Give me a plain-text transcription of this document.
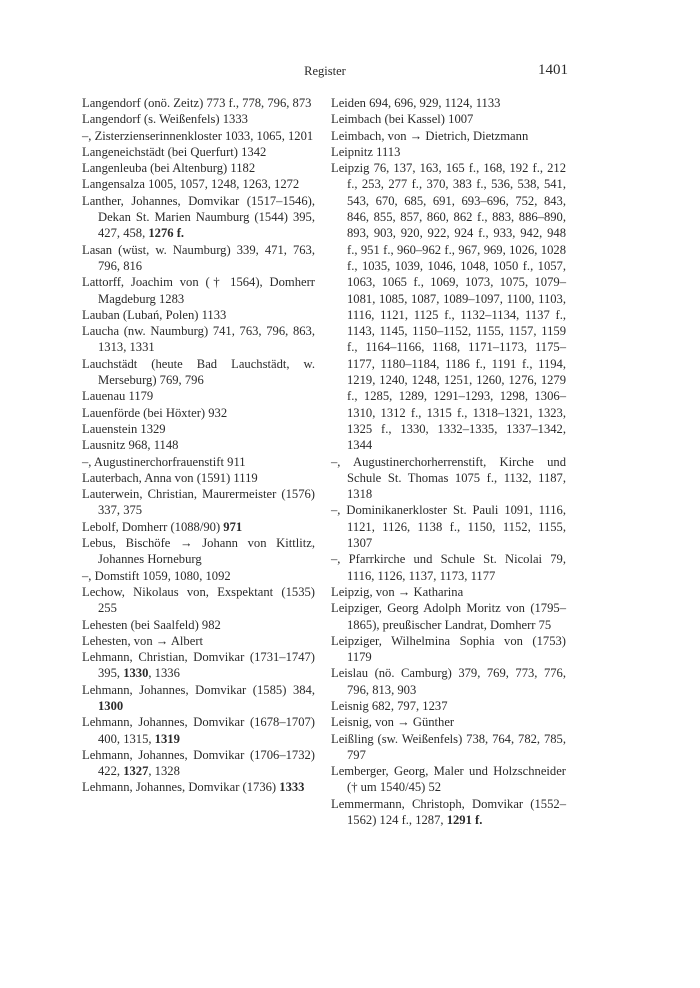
Register	1401
Langendorf (onö. Zeitz) 773 f., 778, 796, 873
Langendorf (s. Weißenfels) 1333
–, Zisterzienserinnenkloster 1033, 1065, 1201
Langeneichstädt (bei Querfurt) 1342
Langenleuba (bei Altenburg) 1182
Langensalza 1005, 1057, 1248, 1263, 1272
Lanther, Johannes, Domvikar (1517–1546), Dekan St. Marien Naumburg (1544) 395, 427, 458, 1276 f.
Lasan (wüst, w. Naumburg) 339, 471, 763, 796, 816
Lattorff, Joachim von († 1564), Domherr Magdeburg 1283
Lauban (Lubań, Polen) 1133
Laucha (nw. Naumburg) 741, 763, 796, 863, 1313, 1331
Lauchstädt (heute Bad Lauchstädt, w. Merseburg) 769, 796
Lauenau 1179
Lauenförde (bei Höxter) 932
Lauenstein 1329
Lausnitz 968, 1148
–, Augustinerchorfrauenstift 911
Lauterbach, Anna von (1591) 1119
Lauterwein, Christian, Maurermeister (1576) 337, 375
Lebolf, Domherr (1088/90) 971
Lebus, Bischöfe → Johann von Kittlitz, Johannes Horneburg
–, Domstift 1059, 1080, 1092
Lechow, Nikolaus von, Exspektant (1535) 255
Lehesten (bei Saalfeld) 982
Lehesten, von → Albert
Lehmann, Christian, Domvikar (1731–1747) 395, 1330, 1336
Lehmann, Johannes, Domvikar (1585) 384, 1300
Lehmann, Johannes, Domvikar (1678–1707) 400, 1315, 1319
Lehmann, Johannes, Domvikar (1706–1732) 422, 1327, 1328
Lehmann, Johannes, Domvikar (1736) 1333
Leiden 694, 696, 929, 1124, 1133
Leimbach (bei Kassel) 1007
Leimbach, von → Dietrich, Dietzmann
Leipnitz 1113
Leipzig 76, 137, 163, 165 f., 168, 192 f., 212 f., 253, 277 f., 370, 383 f., 536, 538, 541, 543, 670, 685, 691, 693–696, 752, 843, 846, 855, 857, 860, 862 f., 883, 886–890, 893, 903, 920, 922, 924 f., 933, 942, 948 f., 951 f., 960–962 f., 967, 969, 1026, 1028 f., 1035, 1039, 1046, 1048, 1050 f., 1057, 1063, 1065 f., 1069, 1073, 1075, 1079–1081, 1085, 1087, 1089–1097, 1100, 1103, 1116, 1121, 1125 f., 1132–1134, 1137 f., 1143, 1145, 1150–1152, 1155, 1157, 1159 f., 1164–1166, 1168, 1171–1173, 1175–1177, 1180–1184, 1186 f., 1191 f., 1194, 1219, 1240, 1248, 1251, 1260, 1276, 1279 f., 1285, 1289, 1291–1293, 1298, 1306–1310, 1312 f., 1315 f., 1318–1321, 1323, 1325 f., 1330, 1332–1335, 1337–1342, 1344
–, Augustinerchorherrenstift, Kirche und Schule St. Thomas 1075 f., 1132, 1187, 1318
–, Dominikanerkloster St. Pauli 1091, 1116, 1121, 1126, 1138 f., 1150, 1152, 1155, 1307
–, Pfarrkirche und Schule St. Nicolai 79, 1116, 1126, 1137, 1173, 1177
Leipzig, von → Katharina
Leipziger, Georg Adolph Moritz von (1795–1865), preußischer Landrat, Domherr 75
Leipziger, Wilhelmina Sophia von (1753) 1179
Leislau (nö. Camburg) 379, 769, 773, 776, 796, 813, 903
Leisnig 682, 797, 1237
Leisnig, von → Günther
Leißling (sw. Weißenfels) 738, 764, 782, 785, 797
Lemberger, Georg, Maler und Holzschneider († um 1540/45) 52
Lemmermann, Christoph, Domvikar (1552–1562) 124 f., 1287, 1291 f.
